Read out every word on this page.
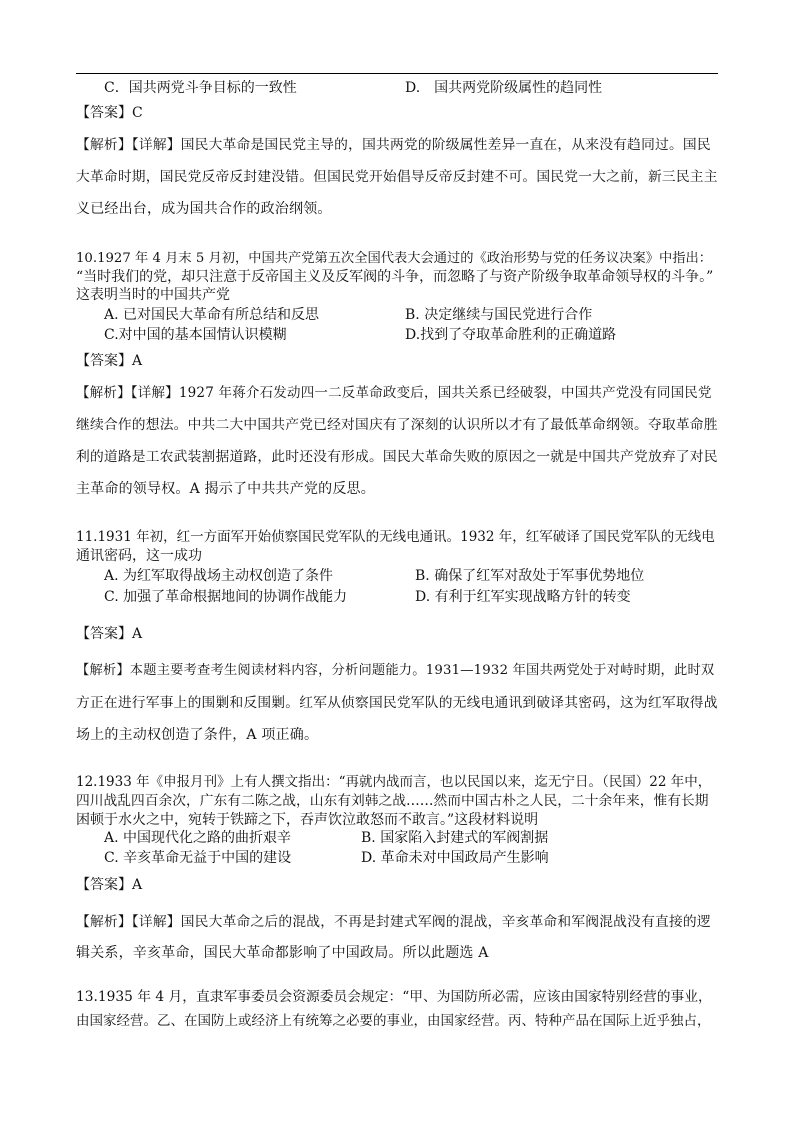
C．国共两党斗争目标的一致性	D.　国共两党阶级属性的趋同性
【答案】C
【解析】【详解】国民大革命是国民党主导的，国共两党的阶级属性差异一直在，从来没有趋同过。国民
大革命时期，国民党反帝反封建没错。但国民党开始倡导反帝反封建不可。国民党一大之前，新三民主主
义已经出台，成为国共合作的政治纲领。
10.1927 年 4 月末 5 月初，中国共产党第五次全国代表大会通过的《政治形势与党的任务议决案》中指出：
“当时我们的党，却只注意于反帝国主义及反军阀的斗争，而忽略了与资产阶级争取革命领导权的斗争。”
这表明当时的中国共产党
A. 已对国民大革命有所总结和反思	B. 决定继续与国民党进行合作
C.对中国的基本国情认识模糊	D.找到了夺取革命胜利的正确道路
【答案】A
【解析】【详解】1927 年蒋介石发动四一二反革命政变后，国共关系已经破裂，中国共产党没有同国民党
继续合作的想法。中共二大中国共产党已经对国庆有了深刻的认识所以才有了最低革命纲领。夺取革命胜
利的道路是工农武装割据道路，此时还没有形成。国民大革命失败的原因之一就是中国共产党放弃了对民
主革命的领导权。A 揭示了中共共产党的反思。
11.1931 年初，红一方面军开始侦察国民党军队的无线电通讯。1932 年，红军破译了国民党军队的无线电
通讯密码，这一成功
A. 为红军取得战场主动权创造了条件	B. 确保了红军对敌处于军事优势地位
C. 加强了革命根据地间的协调作战能力	D. 有利于红军实现战略方针的转变
【答案】A
【解析】本题主要考查考生阅读材料内容，分析问题能力。1931—1932 年国共两党处于对峙时期，此时双
方正在进行军事上的围剿和反围剿。红军从侦察国民党军队的无线电通讯到破译其密码，这为红军取得战
场上的主动权创造了条件，A 项正确。
12.1933 年《申报月刊》上有人撰文指出：“再就内战而言，也以民国以来，迄无宁日。（民国）22 年中，
四川战乱四百余次，广东有二陈之战，山东有刘韩之战……然而中国古朴之人民，二十余年来，惟有长期
困顿于水火之中，宛转于铁蹄之下，吞声饮泣敢怒而不敢言。”这段材料说明
A. 中国现代化之路的曲折艰辛	B. 国家陷入封建式的军阀割据
C. 辛亥革命无益于中国的建设	D. 革命未对中国政局产生影响
【答案】A
【解析】【详解】国民大革命之后的混战，不再是封建式军阀的混战，辛亥革命和军阀混战没有直接的逻
辑关系，辛亥革命，国民大革命都影响了中国政局。所以此题选 A
13.1935 年 4 月，直隶军事委员会资源委员会规定：“甲、为国防所必需，应该由国家特别经营的事业，
由国家经营。乙、在国防上或经济上有统筹之必要的事业，由国家经营。丙、特种产品在国际上近乎独占，
